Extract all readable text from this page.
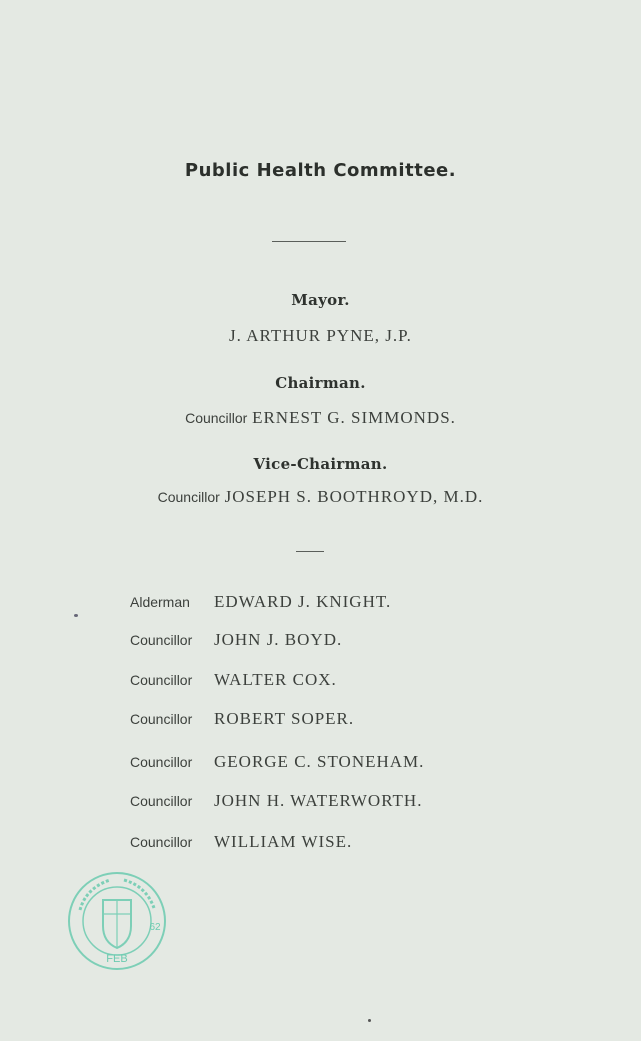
Public Health Committee.
Mayor.
J. ARTHUR PYNE, J.P.
Chairman.
Councillor ERNEST G. SIMMONDS.
Vice-Chairman.
Councillor JOSEPH S. BOOTHROYD, M.D.
Alderman EDWARD J. KNIGHT.
Councillor JOHN J. BOYD.
Councillor WALTER COX.
Councillor ROBERT SOPER.
Councillor GEORGE C. STONEHAM.
Councillor JOHN H. WATERWORTH.
Councillor WILLIAM WISE.
FEB
62
